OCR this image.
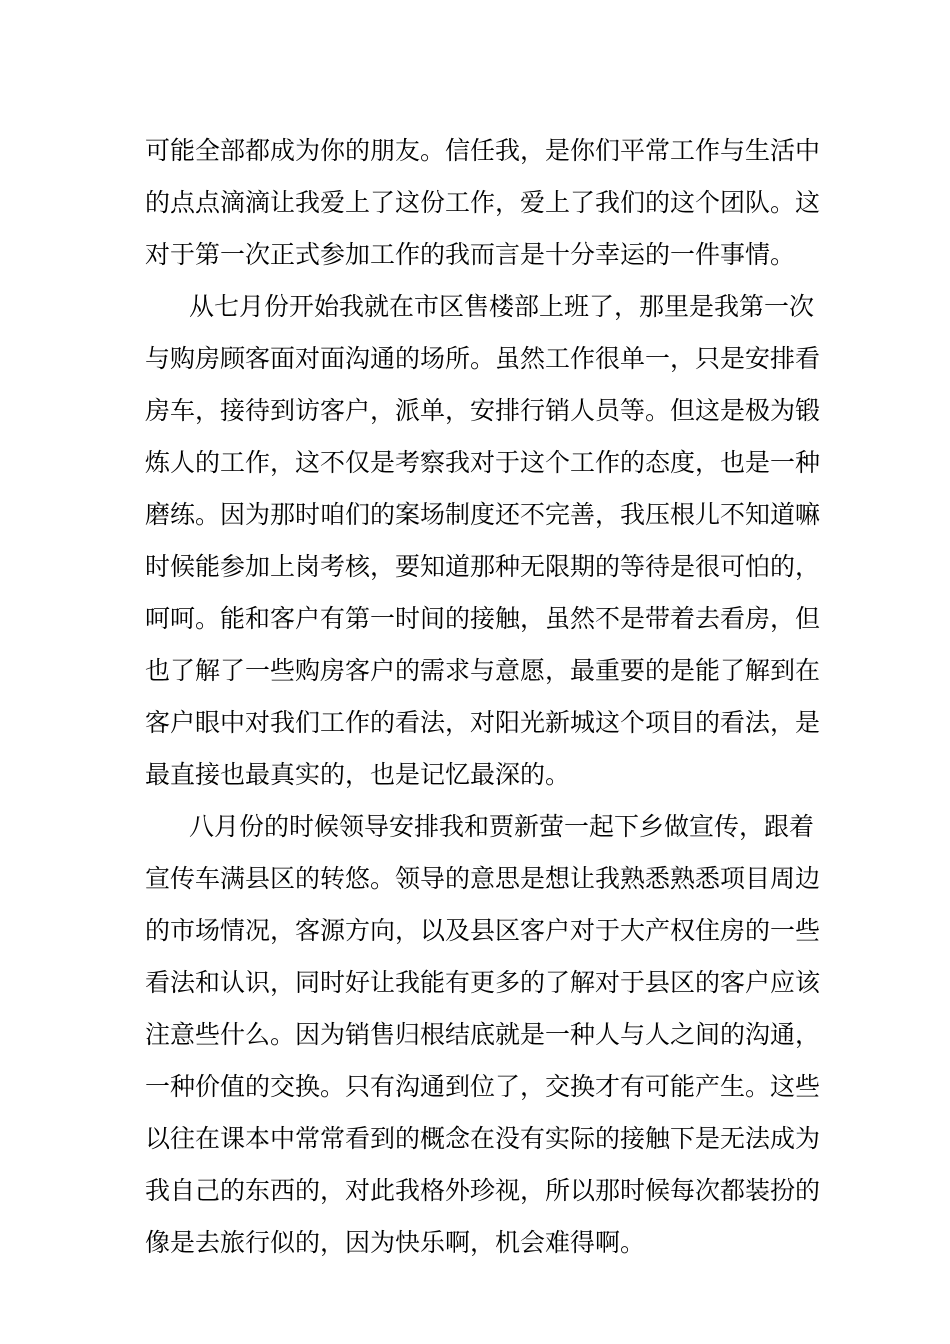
可能全部都成为你的朋友。信任我，是你们平常工作与生活中
的点点滴滴让我爱上了这份工作，爱上了我们的这个团队。这
对于第一次正式参加工作的我而言是十分幸运的一件事情。
从七月份开始我就在市区售楼部上班了，那里是我第一次
与购房顾客面对面沟通的场所。虽然工作很单一，只是安排看
房车，接待到访客户，派单，安排行销人员等。但这是极为锻
炼人的工作，这不仅是考察我对于这个工作的态度，也是一种
磨练。因为那时咱们的案场制度还不完善，我压根儿不知道嘛
时候能参加上岗考核，要知道那种无限期的等待是很可怕的，
呵呵。能和客户有第一时间的接触，虽然不是带着去看房，但
也了解了一些购房客户的需求与意愿，最重要的是能了解到在
客户眼中对我们工作的看法，对阳光新城这个项目的看法，是
最直接也最真实的，也是记忆最深的。
八月份的时候领导安排我和贾新萤一起下乡做宣传，跟着
宣传车满县区的转悠。领导的意思是想让我熟悉熟悉项目周边
的市场情况，客源方向，以及县区客户对于大产权住房的一些
看法和认识，同时好让我能有更多的了解对于县区的客户应该
注意些什么。因为销售归根结底就是一种人与人之间的沟通，
一种价值的交换。只有沟通到位了，交换才有可能产生。这些
以往在课本中常常看到的概念在没有实际的接触下是无法成为
我自己的东西的，对此我格外珍视，所以那时候每次都装扮的
像是去旅行似的，因为快乐啊，机会难得啊。
